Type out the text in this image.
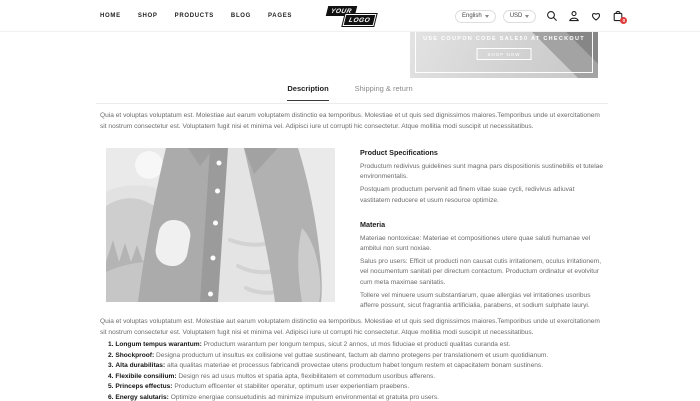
HOME	SHOP	PRODUCTS	BLOG	PAGES
YOUR
LOGO
English	USD
0
USE COUPON CODE SALE50 AT CHECKOUT
SHOP NOW
Description	Shipping & return

Quia et voluptas voluptatum est. Molestiae aut earum voluptatem distinctio ea temporibus. Molestiae et ut quis sed dignissimos maiores.Temporibus unde ut exercitationem sit nostrum consectetur est. Voluptatem fugit nisi et minima vel. Adipisci iure ut corrupti hic consectetur. Atque mollitia modi suscipit ut necessitatibus.

Product Specifications

Productum redivivus guidelines sunt magna pars dispositionis sustinebilis et tutelae environmentalis.

Postquam productum pervenit ad finem vitae suae cycli, redivivus adiuvat vastitatem reducere et usum resource optimize.

Materia

Materiae nontoxicae: Materiae et compositiones utere quae saluti humanae vel ambitui non sunt noxiae.

Salus pro users: Efficit ut producti non causat cutis irritationem, oculus irritationem, vel nocumentum sanitati per directum contactum. Productum ordinatur et evolvitur cum meta maximae sanitatis.

Tollere vel minuere usum substantiarum, quae allergias vel irritationes usoribus afferre possunt, sicut fragrantia artificialia, parabens, et sodium sulphate lauryi.

Quia et voluptas voluptatum est. Molestiae aut earum voluptatem distinctio ea temporibus. Molestiae et ut quis sed dignissimos maiores.Temporibus unde ut exercitationem sit nostrum consectetur est. Voluptatem fugit nisi et minima vel. Adipisci iure ut corrupti hic consectetur. Atque mollitia modi suscipit ut necessitatibus.

1. Longum tempus warantum: Productum warantum per longum tempus, sicut 2 annos, ut mos fiduciae et producti qualitas curanda est.
2. Shockproof: Designa productum ut insultus ex collisione vel guttae sustineant, factum ab damno protegens per translationem et usum quotidianum.
3. Alta durabilitas: alta qualitas materiae et processus fabricandi provectae utens productum habet longum restem et capacitatem bonam sustinens.
4. Flexibile consilium: Design res ad usus multos et spatia apta, flexibilitatem et commodum usoribus afferens.
5. Princeps effectus: Productum efficenter et stabiliter operatur, optimum user experientiam praebens.
6. Energy salutaris: Optimize energiae consuetudinis ad minimize impulsum environmental et gratuita pro users.
